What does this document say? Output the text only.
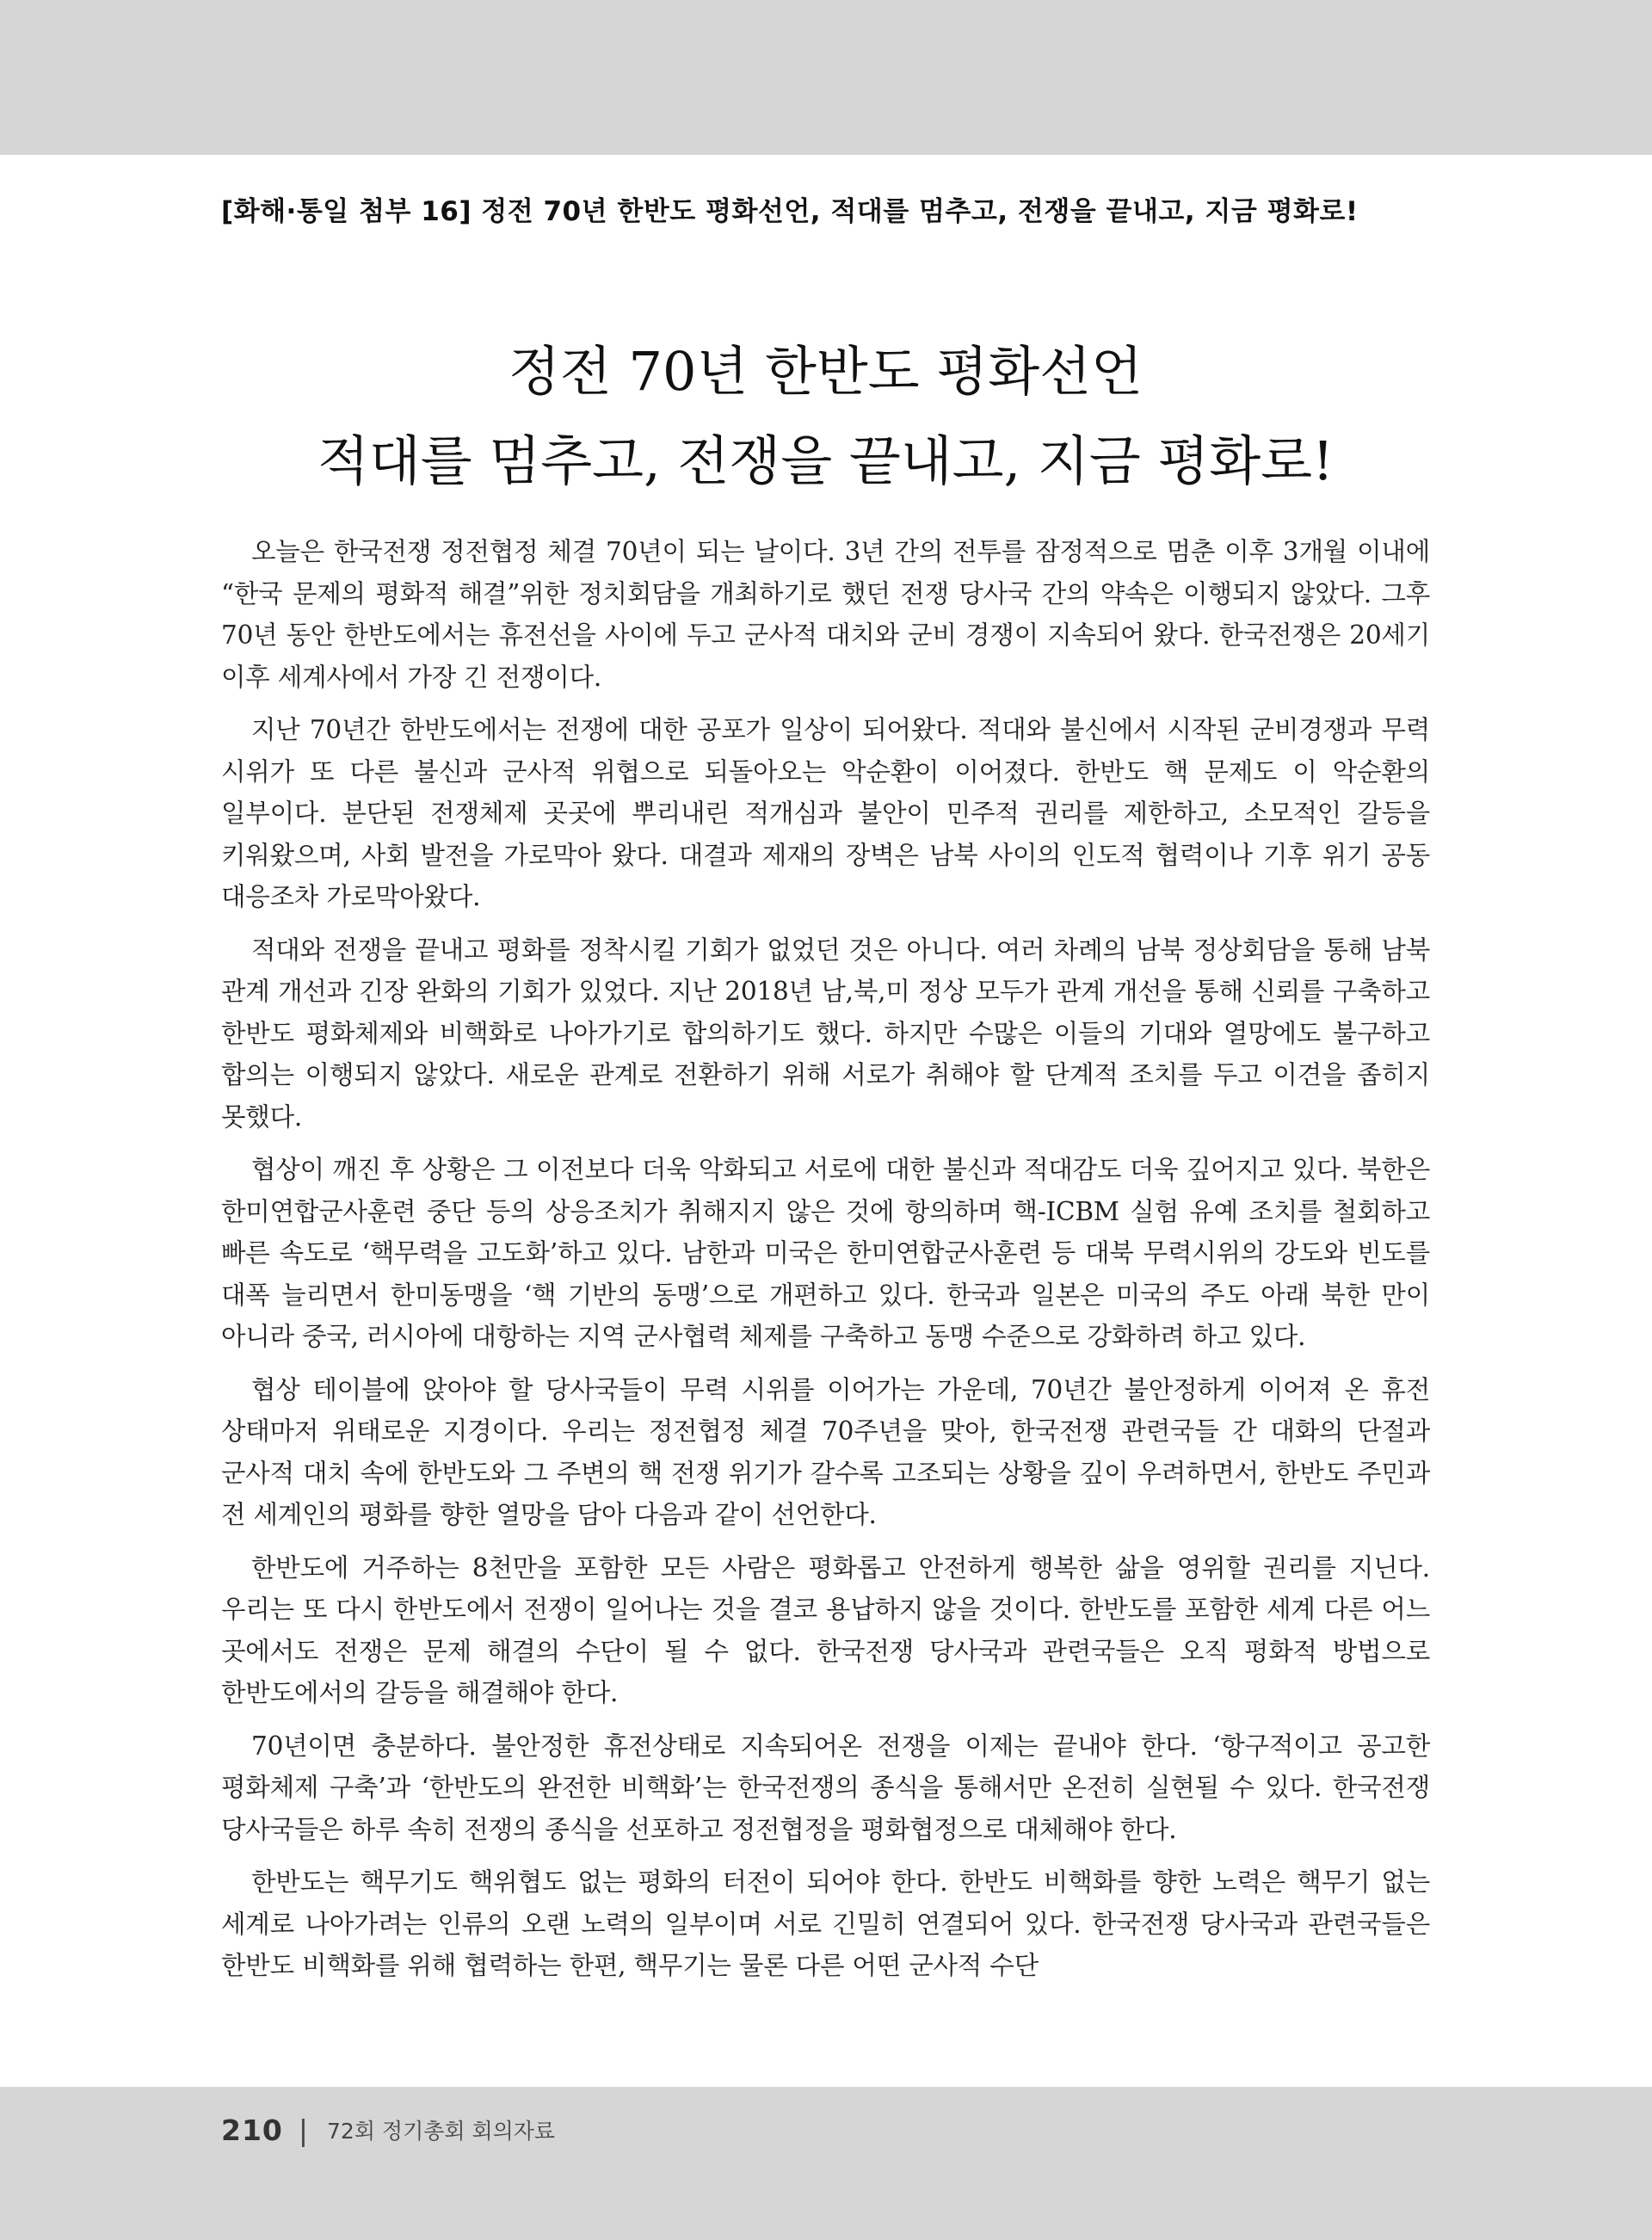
[화해·통일 첨부 16] 정전 70년 한반도 평화선언, 적대를 멈추고, 전쟁을 끝내고, 지금 평화로!
정전 70년 한반도 평화선언
적대를 멈추고, 전쟁을 끝내고, 지금 평화로!

오늘은 한국전쟁 정전협정 체결 70년이 되는 날이다. 3년 간의 전투를 잠정적으로 멈춘 이후 3개월 이내에 “한국 문제의 평화적 해결”위한 정치회담을 개최하기로 했던 전쟁 당사국 간의 약속은 이행되지 않았다. 그후 70년 동안 한반도에서는 휴전선을 사이에 두고 군사적 대치와 군비 경쟁이 지속되어 왔다. 한국전쟁은 20세기 이후 세계사에서 가장 긴 전쟁이다.

지난 70년간 한반도에서는 전쟁에 대한 공포가 일상이 되어왔다. 적대와 불신에서 시작된 군비경쟁과 무력 시위가 또 다른 불신과 군사적 위협으로 되돌아오는 악순환이 이어졌다. 한반도 핵 문제도 이 악순환의 일부이다. 분단된 전쟁체제 곳곳에 뿌리내린 적개심과 불안이 민주적 권리를 제한하고, 소모적인 갈등을 키워왔으며, 사회 발전을 가로막아 왔다. 대결과 제재의 장벽은 남북 사이의 인도적 협력이나 기후 위기 공동 대응조차 가로막아왔다.

적대와 전쟁을 끝내고 평화를 정착시킬 기회가 없었던 것은 아니다. 여러 차례의 남북 정상회담을 통해 남북 관계 개선과 긴장 완화의 기회가 있었다. 지난 2018년 남,북,미 정상 모두가 관계 개선을 통해 신뢰를 구축하고 한반도 평화체제와 비핵화로 나아가기로 합의하기도 했다. 하지만 수많은 이들의 기대와 열망에도 불구하고 합의는 이행되지 않았다. 새로운 관계로 전환하기 위해 서로가 취해야 할 단계적 조치를 두고 이견을 좁히지 못했다.

협상이 깨진 후 상황은 그 이전보다 더욱 악화되고 서로에 대한 불신과 적대감도 더욱 깊어지고 있다. 북한은 한미연합군사훈련 중단 등의 상응조치가 취해지지 않은 것에 항의하며 핵-ICBM 실험 유예 조치를 철회하고 빠른 속도로 ‘핵무력을 고도화’하고 있다. 남한과 미국은 한미연합군사훈련 등 대북 무력시위의 강도와 빈도를 대폭 늘리면서 한미동맹을 ‘핵 기반의 동맹’으로 개편하고 있다. 한국과 일본은 미국의 주도 아래 북한 만이 아니라 중국, 러시아에 대항하는 지역 군사협력 체제를 구축하고 동맹 수준으로 강화하려 하고 있다.

협상 테이블에 앉아야 할 당사국들이 무력 시위를 이어가는 가운데, 70년간 불안정하게 이어져 온 휴전 상태마저 위태로운 지경이다. 우리는 정전협정 체결 70주년을 맞아, 한국전쟁 관련국들 간 대화의 단절과 군사적 대치 속에 한반도와 그 주변의 핵 전쟁 위기가 갈수록 고조되는 상황을 깊이 우려하면서, 한반도 주민과 전 세계인의 평화를 향한 열망을 담아 다음과 같이 선언한다.

한반도에 거주하는 8천만을 포함한 모든 사람은 평화롭고 안전하게 행복한 삶을 영위할 권리를 지닌다. 우리는 또 다시 한반도에서 전쟁이 일어나는 것을 결코 용납하지 않을 것이다. 한반도를 포함한 세계 다른 어느 곳에서도 전쟁은 문제 해결의 수단이 될 수 없다. 한국전쟁 당사국과 관련국들은 오직 평화적 방법으로 한반도에서의 갈등을 해결해야 한다.

70년이면 충분하다. 불안정한 휴전상태로 지속되어온 전쟁을 이제는 끝내야 한다. ‘항구적이고 공고한 평화체제 구축’과 ‘한반도의 완전한 비핵화’는 한국전쟁의 종식을 통해서만 온전히 실현될 수 있다. 한국전쟁 당사국들은 하루 속히 전쟁의 종식을 선포하고 정전협정을 평화협정으로 대체해야 한다.

한반도는 핵무기도 핵위협도 없는 평화의 터전이 되어야 한다. 한반도 비핵화를 향한 노력은 핵무기 없는 세계로 나아가려는 인류의 오랜 노력의 일부이며 서로 긴밀히 연결되어 있다. 한국전쟁 당사국과 관련국들은 한반도 비핵화를 위해 협력하는 한편, 핵무기는 물론 다른 어떤 군사적 수단

210 | 72회 정기총회 회의자료
